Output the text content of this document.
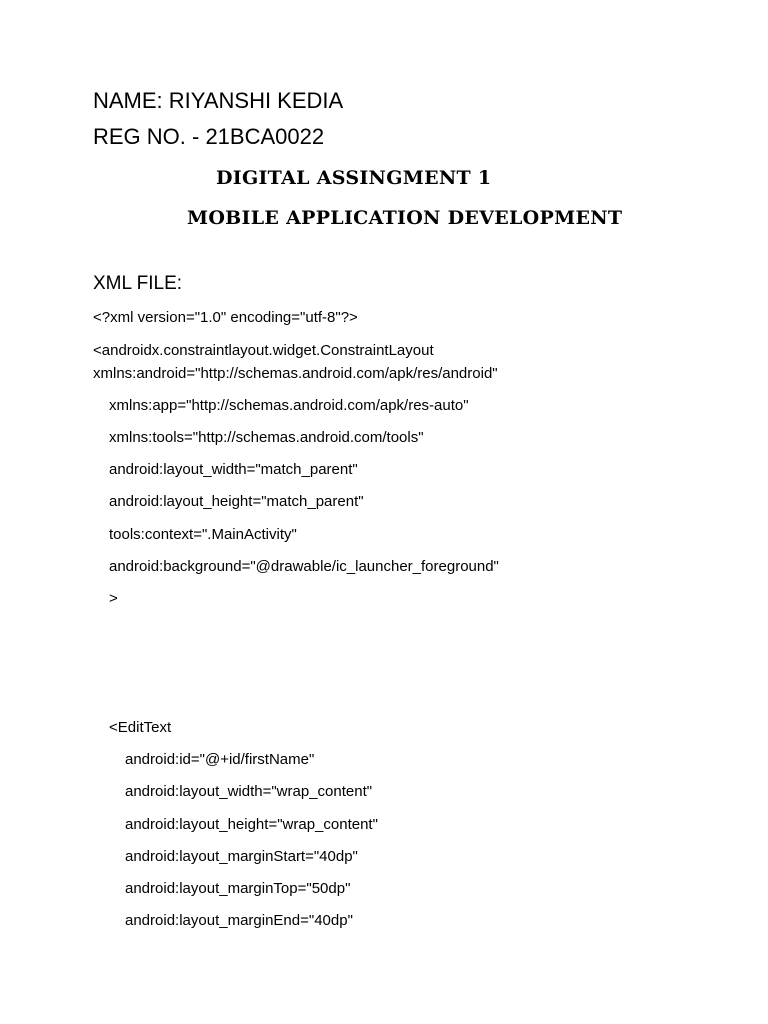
NAME: RIYANSHI KEDIA
REG NO. - 21BCA0022
DIGITAL ASSINGMENT 1
MOBILE APPLICATION DEVELOPMENT
XML FILE:
<?xml version="1.0" encoding="utf-8"?>
<androidx.constraintlayout.widget.ConstraintLayout
xmlns:android="http://schemas.android.com/apk/res/android"
xmlns:app="http://schemas.android.com/apk/res-auto"
xmlns:tools="http://schemas.android.com/tools"
android:layout_width="match_parent"
android:layout_height="match_parent"
tools:context=".MainActivity"
android:background="@drawable/ic_launcher_foreground"
>
<EditText
android:id="@+id/firstName"
android:layout_width="wrap_content"
android:layout_height="wrap_content"
android:layout_marginStart="40dp"
android:layout_marginTop="50dp"
android:layout_marginEnd="40dp"
